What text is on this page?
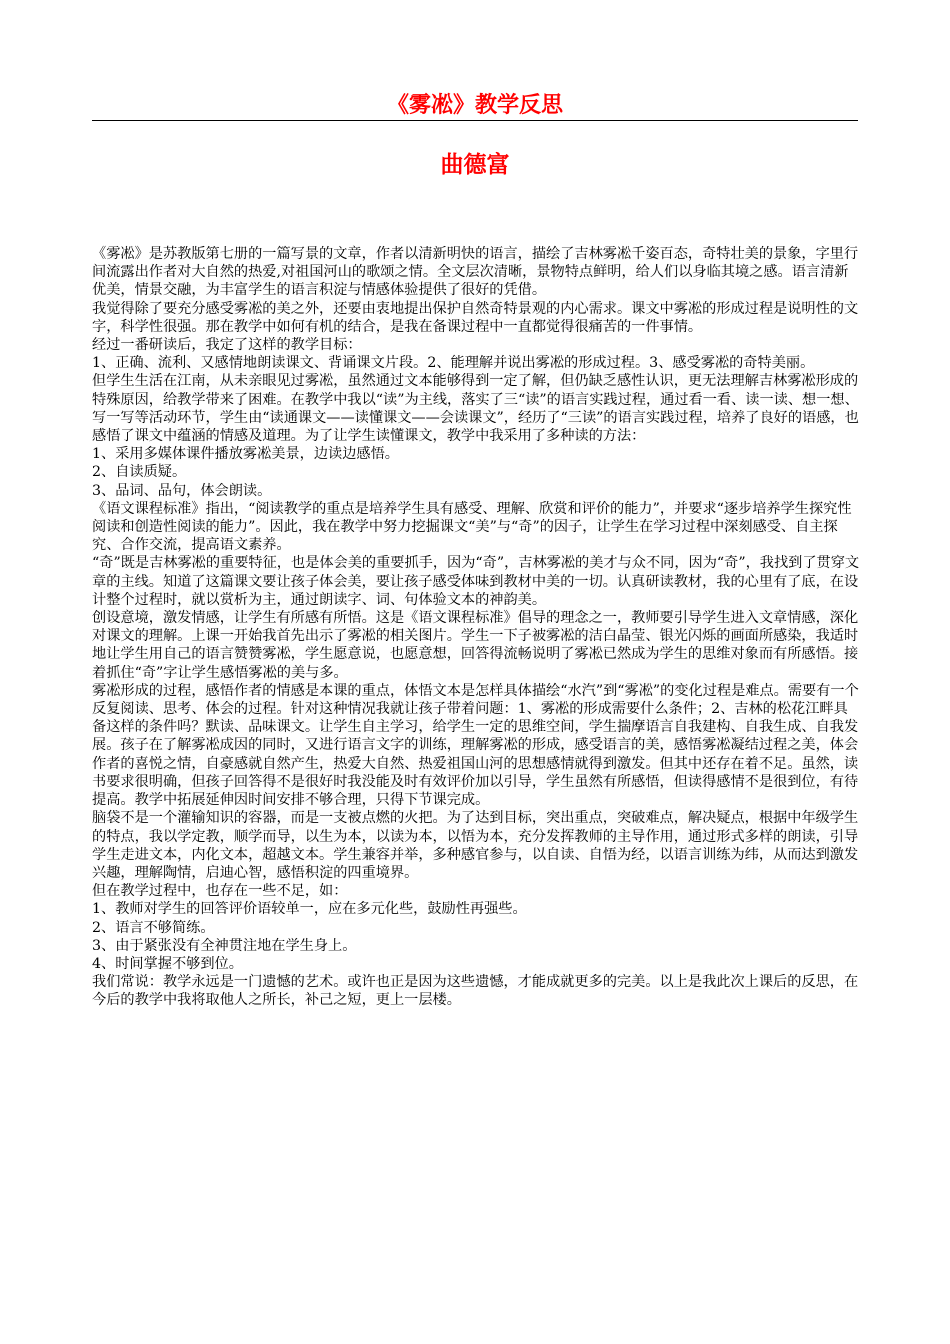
《雾凇》教学反思
曲德富

《雾凇》是苏教版第七册的一篇写景的文章，作者以清新明快的语言，描绘了吉林雾凇千姿百态，奇特壮美的景象，字里行间流露出作者对大自然的热爱,对祖国河山的歌颂之情。全文层次清晰，景物特点鲜明，给人们以身临其境之感。语言清新优美，情景交融，为丰富学生的语言积淀与情感体验提供了很好的凭借。

我觉得除了要充分感受雾凇的美之外，还要由衷地提出保护自然奇特景观的内心需求。课文中雾凇的形成过程是说明性的文字，科学性很强。那在教学中如何有机的结合，是我在备课过程中一直都觉得很痛苦的一件事情。

经过一番研读后，我定了这样的教学目标：

1、正确、流利、又感情地朗读课文、背诵课文片段。2、能理解并说出雾凇的形成过程。3、感受雾凇的奇特美丽。

但学生生活在江南，从未亲眼见过雾凇，虽然通过文本能够得到一定了解，但仍缺乏感性认识，更无法理解吉林雾凇形成的特殊原因，给教学带来了困难。在教学中我以“读”为主线，落实了三“读”的语言实践过程，通过看一看、读一读、想一想、写一写等活动环节，学生由“读通课文——读懂课文——会读课文”，经历了“三读”的语言实践过程，培养了良好的语感，也感悟了课文中蕴涵的情感及道理。为了让学生读懂课文，教学中我采用了多种读的方法：

1、采用多媒体课件播放雾凇美景，边读边感悟。

2、自读质疑。

3、品词、品句，体会朗读。

《语文课程标准》指出，“阅读教学的重点是培养学生具有感受、理解、欣赏和评价的能力”，并要求“逐步培养学生探究性阅读和创造性阅读的能力”。因此，我在教学中努力挖掘课文“美”与“奇”的因子，让学生在学习过程中深刻感受、自主探究、合作交流，提高语文素养。

“奇”既是吉林雾凇的重要特征，也是体会美的重要抓手，因为“奇”，吉林雾凇的美才与众不同，因为“奇”，我找到了贯穿文章的主线。知道了这篇课文要让孩子体会美，要让孩子感受体味到教材中美的一切。认真研读教材，我的心里有了底，在设计整个过程时，就以赏析为主，通过朗读字、词、句体验文本的神韵美。

创设意境，激发情感，让学生有所感有所悟。这是《语文课程标准》倡导的理念之一，教师要引导学生进入文章情感，深化对课文的理解。上课一开始我首先出示了雾凇的相关图片。学生一下子被雾凇的洁白晶莹、银光闪烁的画面所感染，我适时地让学生用自己的语言赞赞雾凇，学生愿意说，也愿意想，回答得流畅说明了雾凇已然成为学生的思维对象而有所感悟。接着抓住“奇”字让学生感悟雾凇的美与多。

雾凇形成的过程，感悟作者的情感是本课的重点，体悟文本是怎样具体描绘“水汽”到“雾凇”的变化过程是难点。需要有一个反复阅读、思考、体会的过程。针对这种情况我就让孩子带着问题：1、雾凇的形成需要什么条件；2、吉林的松花江畔具备这样的条件吗？默读、品味课文。让学生自主学习，给学生一定的思维空间，学生揣摩语言自我建构、自我生成、自我发展。孩子在了解雾凇成因的同时，又进行语言文字的训练，理解雾凇的形成，感受语言的美，感悟雾凇凝结过程之美，体会作者的喜悦之情，自豪感就自然产生，热爱大自然、热爱祖国山河的思想感情就得到激发。但其中还存在着不足。虽然，读书要求很明确，但孩子回答得不是很好时我没能及时有效评价加以引导，学生虽然有所感悟，但读得感情不是很到位，有待提高。教学中拓展延伸因时间安排不够合理，只得下节课完成。

脑袋不是一个灌输知识的容器，而是一支被点燃的火把。为了达到目标，突出重点，突破难点，解决疑点，根据中年级学生的特点，我以学定教，顺学而导，以生为本，以读为本，以悟为本，充分发挥教师的主导作用，通过形式多样的朗读，引导学生走进文本，内化文本，超越文本。学生兼容并举，多种感官参与，以自读、自悟为经，以语言训练为纬，从而达到激发兴趣，理解陶情，启迪心智，感悟积淀的四重境界。

但在教学过程中，也存在一些不足，如：

1、教师对学生的回答评价语较单一，应在多元化些，鼓励性再强些。

2、语言不够简练。

3、由于紧张没有全神贯注地在学生身上。

4、时间掌握不够到位。

我们常说：教学永远是一门遗憾的艺术。或许也正是因为这些遗憾，才能成就更多的完美。以上是我此次上课后的反思，在今后的教学中我将取他人之所长，补己之短，更上一层楼。
